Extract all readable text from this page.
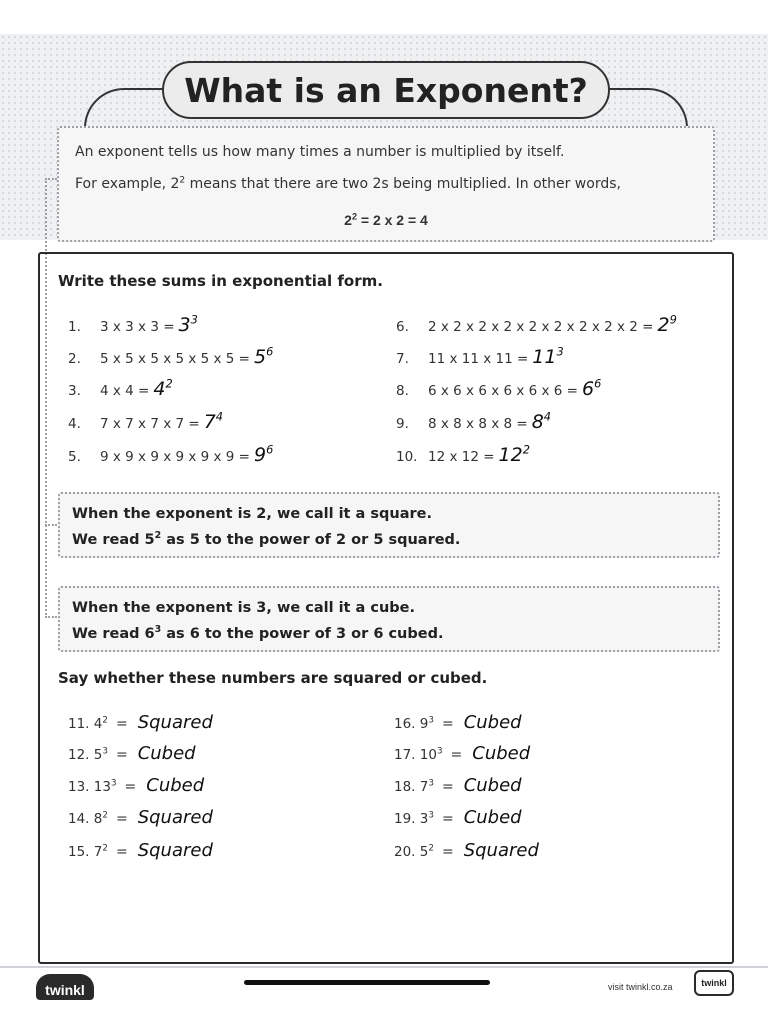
What is an Exponent?
An exponent tells us how many times a number is multiplied by itself.
For example, $2^2$ means that there are two 2s being multiplied. In other words,
$2^2 = 2$ x 2 = 4
Write these sums in exponential form.
1. 3 x 3 x $3 = 3^3$
2. 5 x 5 x 5 x 5 x 5 x $5 = 5^6$
3. 4 x $4 = 4^2$
4. 7 x 7 x 7 x $7 = 7^4$
5. 9 x 9 x 9 x 9 x 9 x $9 = 9^6$
6. 2 x 2 x 2 x 2 x 2 x 2 x 2 x 2 x $2 = 2^9$
7. 11 x 11 x $11 = 11^3$
8. 6 x 6 x 6 x 6 x 6 x $6 = 6^6$
9. 8 x 8 x 8 x $8 = 8^4$
10. 12 x $12 = 12^2$
When the exponent is 2, we call it a square.
We read $5^2$ as 5 to the power of 2 or 5 squared.
When the exponent is 3, we call it a cube.
We read $6^3$ as 6 to the power of 3 or 6 cubed.
Say whether these numbers are squared or cubed.
11. $4^2$ = Squared
12. $5^3$ = Cubed
13. $13^3$ = Cubed
14. $8^2$ = Squared
15. $7^2$ = Squared
16. $9^3$ = Cubed
17. $10^3$ = Cubed
18. $7^3$ = Cubed
19. $3^3$ = Cubed
20. $5^2$ = Squared
twinkl	visit twinkl.co.za	twinkl
